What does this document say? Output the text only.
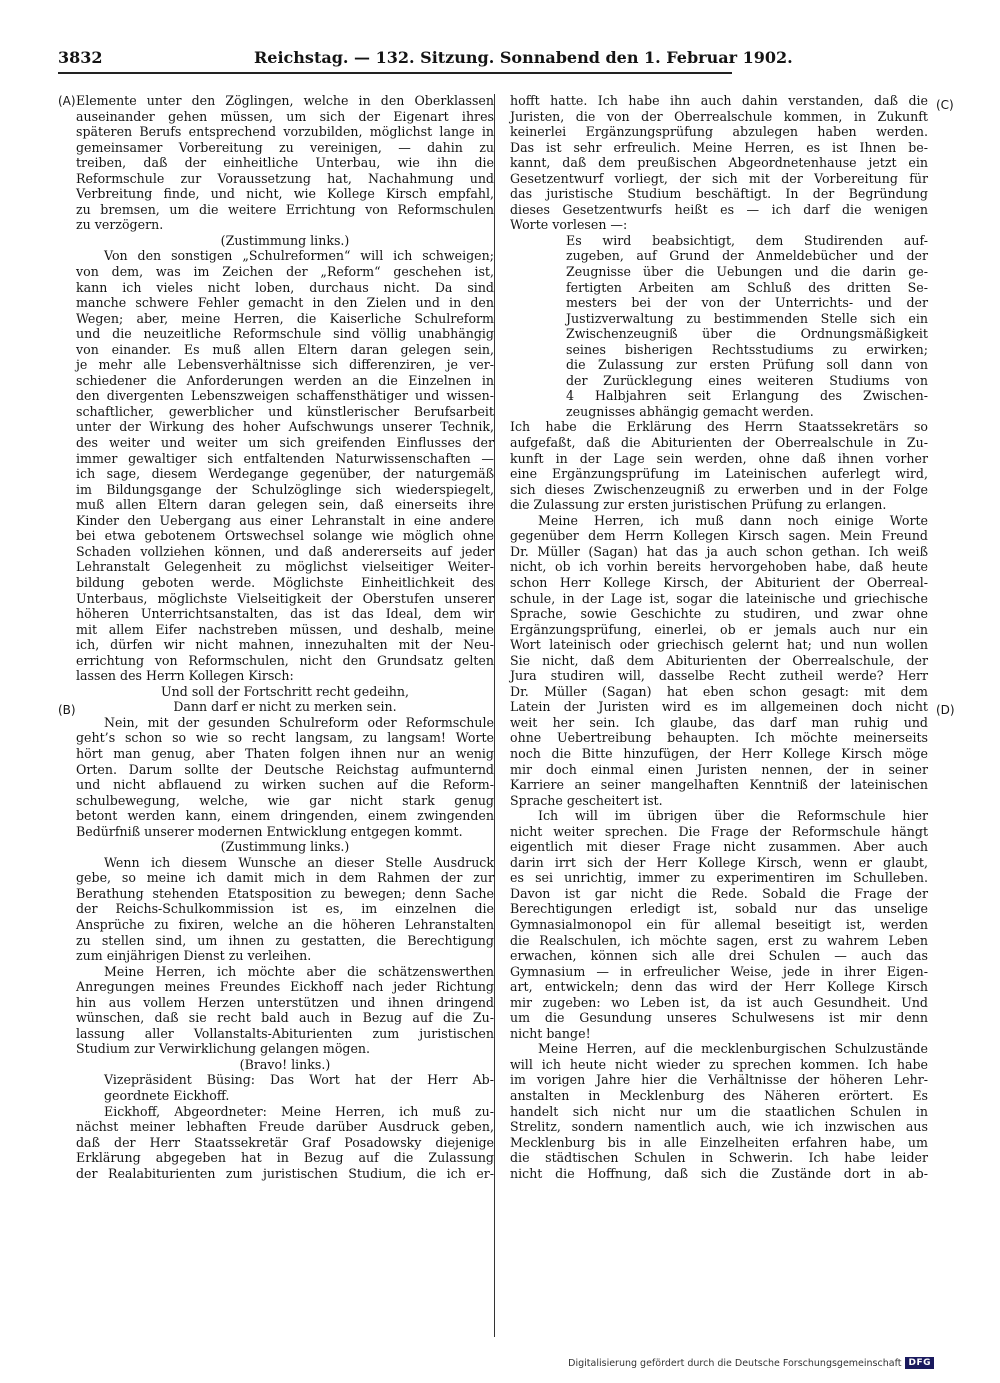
3832	Reichstag. — 132. Sitzung. Sonnabend den 1. Februar 1902.
(A)
(B)
(C)
(D)

Elemente unter den Zöglingen, welche in den Oberklassen

auseinander gehen müssen, um sich der Eigenart ihres

späteren Berufs entsprechend vorzubilden, möglichst lange in

gemeinsamer Vorbereitung zu vereinigen, — dahin zu

treiben, daß der einheitliche Unterbau, wie ihn die

Reformschule zur Voraussetzung hat, Nachahmung und

Verbreitung finde, und nicht, wie Kollege Kirsch empfahl,

zu bremsen, um die weitere Errichtung von Reformschulen

zu verzögern.

(Zustimmung links.)

Von den sonstigen „Schulreformen“ will ich schweigen;

von dem, was im Zeichen der „Reform“ geschehen ist,

kann ich vieles nicht loben, durchaus nicht. Da sind

manche schwere Fehler gemacht in den Zielen und in den

Wegen; aber, meine Herren, die Kaiserliche Schulreform

und die neuzeitliche Reformschule sind völlig unabhängig

von einander. Es muß allen Eltern daran gelegen sein,

je mehr alle Lebensverhältnisse sich differenziren, je ver-

schiedener die Anforderungen werden an die Einzelnen in

den divergenten Lebenszweigen schaffensthätiger und wissen-

schaftlicher, gewerblicher und künstlerischer Berufsarbeit

unter der Wirkung des hoher Aufschwungs unserer Technik,

des weiter und weiter um sich greifenden Einflusses der

immer gewaltiger sich entfaltenden Naturwissenschaften —

ich sage, diesem Werdegange gegenüber, der naturgemäß

im Bildungsgange der Schulzöglinge sich wiederspiegelt,

muß allen Eltern daran gelegen sein, daß einerseits ihre

Kinder den Uebergang aus einer Lehranstalt in eine andere

bei etwa gebotenem Ortswechsel solange wie möglich ohne

Schaden vollziehen können, und daß andererseits auf jeder

Lehranstalt Gelegenheit zu möglichst vielseitiger Weiter-

bildung geboten werde. Möglichste Einheitlichkeit des

Unterbaus, möglichste Vielseitigkeit der Oberstufen unserer

höheren Unterrichtsanstalten, das ist das Ideal, dem wir

mit allem Eifer nachstreben müssen, und deshalb, meine

ich, dürfen wir nicht mahnen, innezuhalten mit der Neu-

errichtung von Reformschulen, nicht den Grundsatz gelten

lassen des Herrn Kollegen Kirsch:

Und soll der Fortschritt recht gedeihn,

Dann darf er nicht zu merken sein.

Nein, mit der gesunden Schulreform oder Reformschule

geht’s schon so wie so recht langsam, zu langsam! Worte

hört man genug, aber Thaten folgen ihnen nur an wenig

Orten. Darum sollte der Deutsche Reichstag aufmunternd

und nicht abflauend zu wirken suchen auf die Reform-

schulbewegung, welche, wie gar nicht stark genug

betont werden kann, einem dringenden, einem zwingenden

Bedürfniß unserer modernen Entwicklung entgegen kommt.

(Zustimmung links.)

Wenn ich diesem Wunsche an dieser Stelle Ausdruck

gebe, so meine ich damit mich in dem Rahmen der zur

Berathung stehenden Etatsposition zu bewegen; denn Sache

der Reichs-Schulkommission ist es, im einzelnen die

Ansprüche zu fixiren, welche an die höheren Lehranstalten

zu stellen sind, um ihnen zu gestatten, die Berechtigung

zum einjährigen Dienst zu verleihen.

Meine Herren, ich möchte aber die schätzenswerthen

Anregungen meines Freundes Eickhoff nach jeder Richtung

hin aus vollem Herzen unterstützen und ihnen dringend

wünschen, daß sie recht bald auch in Bezug auf die Zu-

lassung aller Vollanstalts-Abiturienten zum juristischen

Studium zur Verwirklichung gelangen mögen.

(Bravo! links.)

Vizepräsident Büsing: Das Wort hat der Herr Ab-

geordnete Eickhoff.

Eickhoff, Abgeordneter: Meine Herren, ich muß zu-

nächst meiner lebhaften Freude darüber Ausdruck geben,

daß der Herr Staatssekretär Graf Posadowsky diejenige

Erklärung abgegeben hat in Bezug auf die Zulassung

der Realabiturienten zum juristischen Studium, die ich er-

hofft hatte. Ich habe ihn auch dahin verstanden, daß die

Juristen, die von der Oberrealschule kommen, in Zukunft

keinerlei Ergänzungsprüfung abzulegen haben werden.

Das ist sehr erfreulich. Meine Herren, es ist Ihnen be-

kannt, daß dem preußischen Abgeordnetenhause jetzt ein

Gesetzentwurf vorliegt, der sich mit der Vorbereitung für

das juristische Studium beschäftigt. In der Begründung

dieses Gesetzentwurfs heißt es — ich darf die wenigen

Worte vorlesen —:

Es wird beabsichtigt, dem Studirenden auf-

zugeben, auf Grund der Anmeldebücher und der

Zeugnisse über die Uebungen und die darin ge-

fertigten Arbeiten am Schluß des dritten Se-

mesters bei der von der Unterrichts- und der

Justizverwaltung zu bestimmenden Stelle sich ein

Zwischenzeugniß über die Ordnungsmäßigkeit

seines bisherigen Rechtsstudiums zu erwirken;

die Zulassung zur ersten Prüfung soll dann von

der Zurücklegung eines weiteren Studiums von

4 Halbjahren seit Erlangung des Zwischen-

zeugnisses abhängig gemacht werden.

Ich habe die Erklärung des Herrn Staatssekretärs so

aufgefaßt, daß die Abiturienten der Oberrealschule in Zu-

kunft in der Lage sein werden, ohne daß ihnen vorher

eine Ergänzungsprüfung im Lateinischen auferlegt wird,

sich dieses Zwischenzeugniß zu erwerben und in der Folge

die Zulassung zur ersten juristischen Prüfung zu erlangen.

Meine Herren, ich muß dann noch einige Worte

gegenüber dem Herrn Kollegen Kirsch sagen. Mein Freund

Dr. Müller (Sagan) hat das ja auch schon gethan. Ich weiß

nicht, ob ich vorhin bereits hervorgehoben habe, daß heute

schon Herr Kollege Kirsch, der Abiturient der Oberreal-

schule, in der Lage ist, sogar die lateinische und griechische

Sprache, sowie Geschichte zu studiren, und zwar ohne

Ergänzungsprüfung, einerlei, ob er jemals auch nur ein

Wort lateinisch oder griechisch gelernt hat; und nun wollen

Sie nicht, daß dem Abiturienten der Oberrealschule, der

Jura studiren will, dasselbe Recht zutheil werde? Herr

Dr. Müller (Sagan) hat eben schon gesagt: mit dem

Latein der Juristen wird es im allgemeinen doch nicht

weit her sein. Ich glaube, das darf man ruhig und

ohne Uebertreibung behaupten. Ich möchte meinerseits

noch die Bitte hinzufügen, der Herr Kollege Kirsch möge

mir doch einmal einen Juristen nennen, der in seiner

Karriere an seiner mangelhaften Kenntniß der lateinischen

Sprache gescheitert ist.

Ich will im übrigen über die Reformschule hier

nicht weiter sprechen. Die Frage der Reformschule hängt

eigentlich mit dieser Frage nicht zusammen. Aber auch

darin irrt sich der Herr Kollege Kirsch, wenn er glaubt,

es sei unrichtig, immer zu experimentiren im Schulleben.

Davon ist gar nicht die Rede. Sobald die Frage der

Berechtigungen erledigt ist, sobald nur das unselige

Gymnasialmonopol ein für allemal beseitigt ist, werden

die Realschulen, ich möchte sagen, erst zu wahrem Leben

erwachen, können sich alle drei Schulen — auch das

Gymnasium — in erfreulicher Weise, jede in ihrer Eigen-

art, entwickeln; denn das wird der Herr Kollege Kirsch

mir zugeben: wo Leben ist, da ist auch Gesundheit. Und

um die Gesundung unseres Schulwesens ist mir denn

nicht bange!

Meine Herren, auf die mecklenburgischen Schulzustände

will ich heute nicht wieder zu sprechen kommen. Ich habe

im vorigen Jahre hier die Verhältnisse der höheren Lehr-

anstalten in Mecklenburg des Näheren erörtert. Es

handelt sich nicht nur um die staatlichen Schulen in

Strelitz, sondern namentlich auch, wie ich inzwischen aus

Mecklenburg bis in alle Einzelheiten erfahren habe, um

die städtischen Schulen in Schwerin. Ich habe leider

nicht die Hoffnung, daß sich die Zustände dort in ab-

Digitalisierung gefördert durch die Deutsche Forschungsgemeinschaft DFG
